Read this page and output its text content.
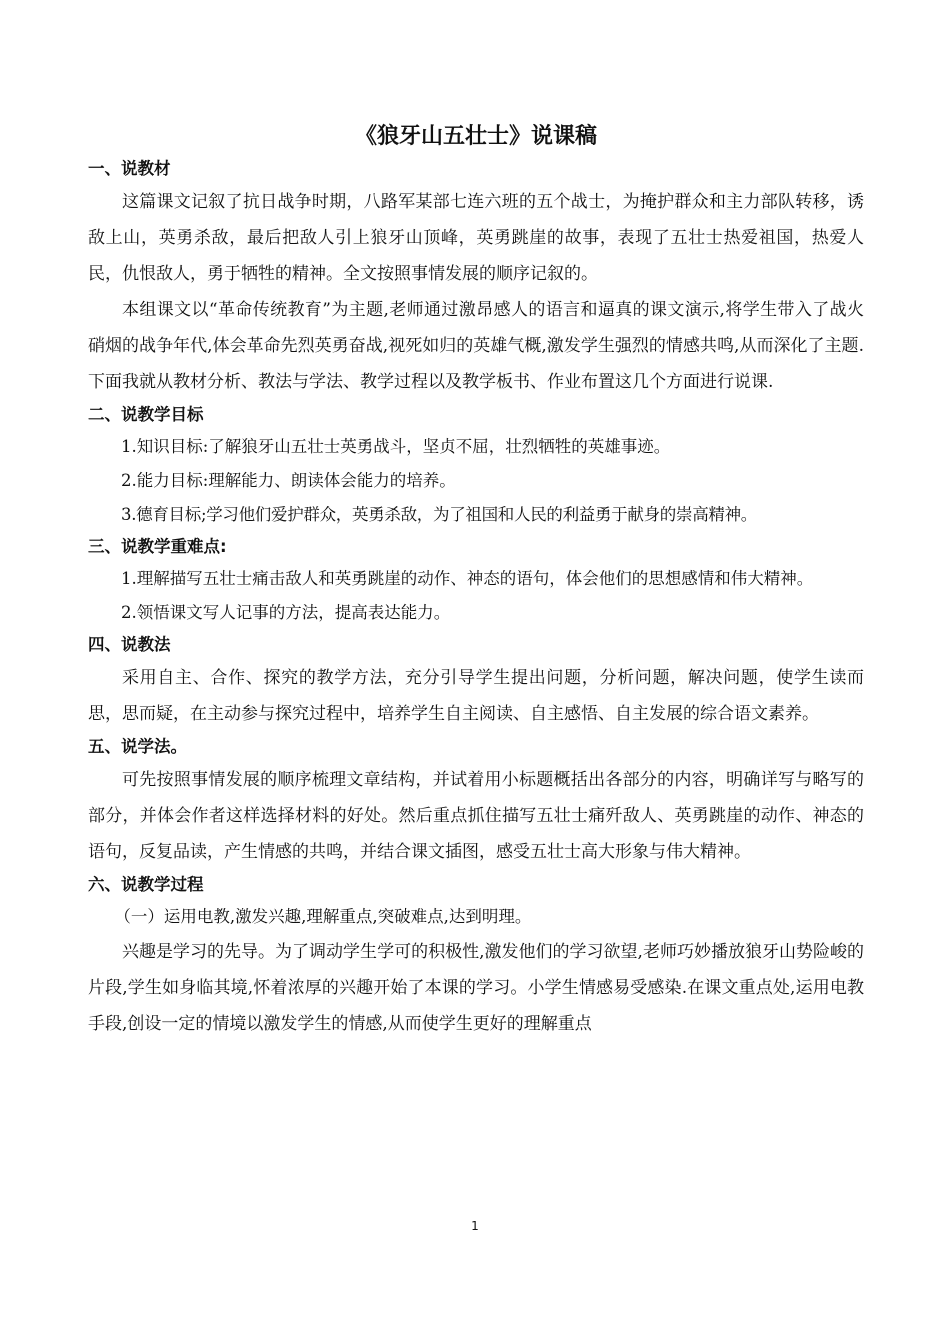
《狼牙山五壮士》说课稿
一、说教材

这篇课文记叙了抗日战争时期，八路军某部七连六班的五个战士，为掩护群众和主力部队转移，诱敌上山，英勇杀敌，最后把敌人引上狼牙山顶峰，英勇跳崖的故事，表现了五壮士热爱祖国，热爱人民，仇恨敌人，勇于牺牲的精神。全文按照事情发展的顺序记叙的。

本组课文以“革命传统教育”为主题,老师通过激昂感人的语言和逼真的课文演示,将学生带入了战火硝烟的战争年代,体会革命先烈英勇奋战,视死如归的英雄气概,激发学生强烈的情感共鸣,从而深化了主题.下面我就从教材分析、教法与学法、教学过程以及教学板书、作业布置这几个方面进行说课.

二、说教学目标

1.知识目标:了解狼牙山五壮士英勇战斗，坚贞不屈，壮烈牺牲的英雄事迹。

2.能力目标:理解能力、朗读体会能力的培养。

3.德育目标;学习他们爱护群众，英勇杀敌，为了祖国和人民的利益勇于献身的崇高精神。

三、说教学重难点:

1.理解描写五壮士痛击敌人和英勇跳崖的动作、神态的语句，体会他们的思想感情和伟大精神。

2.领悟课文写人记事的方法，提高表达能力。

四、说教法

采用自主、合作、探究的教学方法，充分引导学生提出问题，分析问题，解决问题，使学生读而思，思而疑，在主动参与探究过程中，培养学生自主阅读、自主感悟、自主发展的综合语文素养。

五、说学法。

可先按照事情发展的顺序梳理文章结构，并试着用小标题概括出各部分的内容，明确详写与略写的部分，并体会作者这样选择材料的好处。然后重点抓住描写五壮士痛歼敌人、英勇跳崖的动作、神态的语句，反复品读，产生情感的共鸣，并结合课文插图，感受五壮士高大形象与伟大精神。

六、说教学过程

（一）运用电教,激发兴趣,理解重点,突破难点,达到明理。

兴趣是学习的先导。为了调动学生学可的积极性,激发他们的学习欲望,老师巧妙播放狼牙山势险峻的片段,学生如身临其境,怀着浓厚的兴趣开始了本课的学习。小学生情感易受感染.在课文重点处,运用电教手段,创设一定的情境以激发学生的情感,从而使学生更好的理解重点

1
